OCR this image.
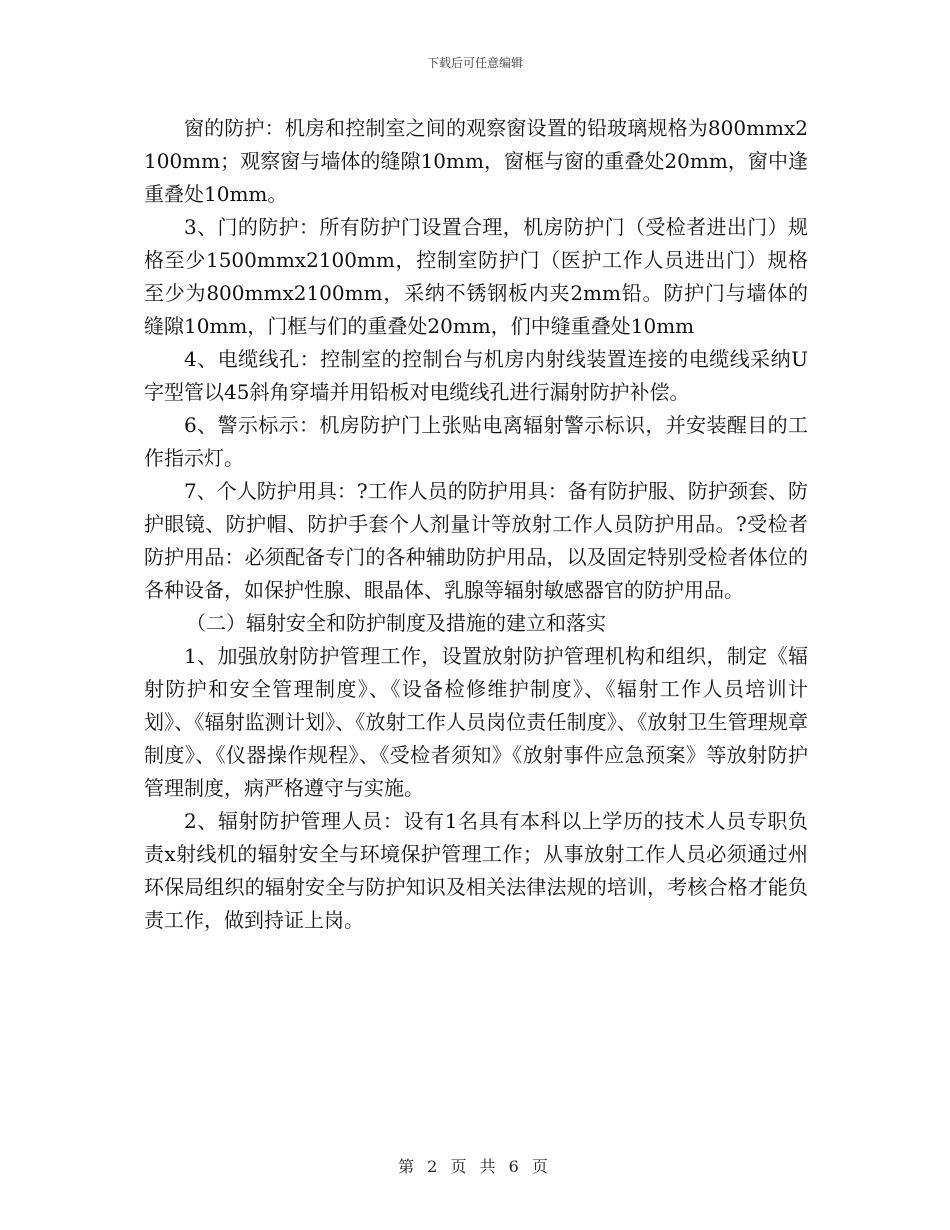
下载后可任意编辑

窗的防护：机房和控制室之间的观察窗设置的铅玻璃规格为800mmx2100mm；观察窗与墙体的缝隙10mm，窗框与窗的重叠处20mm，窗中逢重叠处10mm。

3、门的防护：所有防护门设置合理，机房防护门（受检者进出门）规格至少1500mmx2100mm，控制室防护门（医护工作人员进出门）规格至少为800mmx2100mm，采纳不锈钢板内夹2mm铅。防护门与墙体的缝隙10mm，门框与们的重叠处20mm，们中缝重叠处10mm

4、电缆线孔：控制室的控制台与机房内射线装置连接的电缆线采纳U字型管以45斜角穿墙并用铅板对电缆线孔进行漏射防护补偿。

6、警示标示：机房防护门上张贴电离辐射警示标识，并安装醒目的工作指示灯。

7、个人防护用具：?工作人员的防护用具：备有防护服、防护颈套、防护眼镜、防护帽、防护手套个人剂量计等放射工作人员防护用品。?受检者防护用品：必须配备专门的各种辅助防护用品，以及固定特别受检者体位的各种设备，如保护性腺、眼晶体、乳腺等辐射敏感器官的防护用品。

（二）辐射安全和防护制度及措施的建立和落实

1、加强放射防护管理工作，设置放射防护管理机构和组织，制定《辐射防护和安全管理制度》、《设备检修维护制度》、《辐射工作人员培训计划》、《辐射监测计划》、《放射工作人员岗位责任制度》、《放射卫生管理规章制度》、《仪器操作规程》、《受检者须知》《放射事件应急预案》等放射防护管理制度，病严格遵守与实施。

2、辐射防护管理人员：设有1名具有本科以上学历的技术人员专职负责x射线机的辐射安全与环境保护管理工作；从事放射工作人员必须通过州环保局组织的辐射安全与防护知识及相关法律法规的培训，考核合格才能负责工作，做到持证上岗。

第 2 页 共 6 页
